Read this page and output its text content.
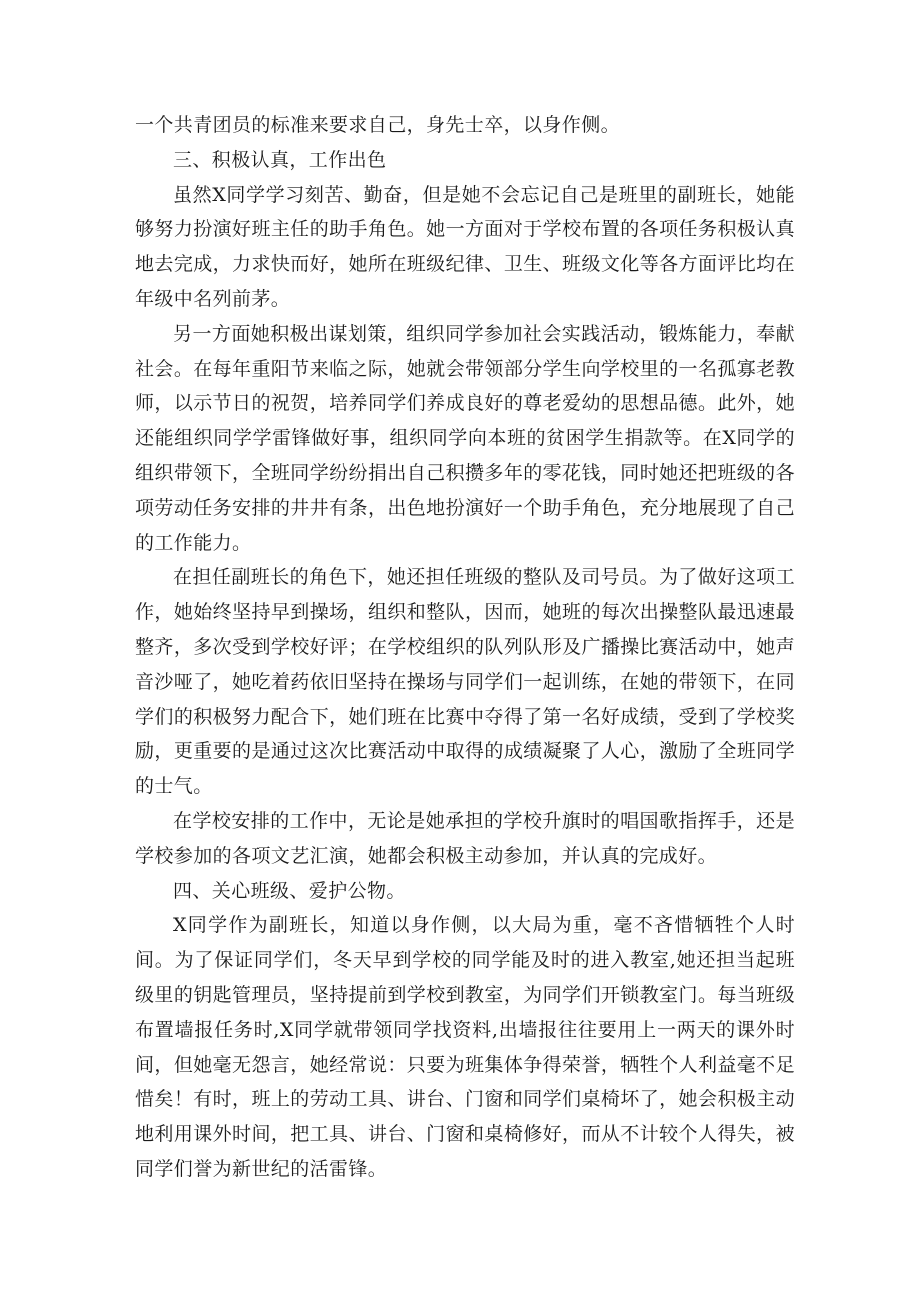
一个共青团员的标准来要求自己，身先士卒，以身作侧。

三、积极认真，工作出色

虽然X同学学习刻苦、勤奋，但是她不会忘记自己是班里的副班长，她能够努力扮演好班主任的助手角色。她一方面对于学校布置的各项任务积极认真地去完成，力求快而好，她所在班级纪律、卫生、班级文化等各方面评比均在年级中名列前茅。

另一方面她积极出谋划策，组织同学参加社会实践活动，锻炼能力，奉献社会。在每年重阳节来临之际，她就会带领部分学生向学校里的一名孤寡老教师，以示节日的祝贺，培养同学们养成良好的尊老爱幼的思想品德。此外，她还能组织同学学雷锋做好事，组织同学向本班的贫困学生捐款等。在X同学的组织带领下，全班同学纷纷捐出自己积攒多年的零花钱，同时她还把班级的各项劳动任务安排的井井有条，出色地扮演好一个助手角色，充分地展现了自己的工作能力。

在担任副班长的角色下，她还担任班级的整队及司号员。为了做好这项工作，她始终坚持早到操场，组织和整队，因而，她班的每次出操整队最迅速最整齐，多次受到学校好评；在学校组织的队列队形及广播操比赛活动中，她声音沙哑了，她吃着药依旧坚持在操场与同学们一起训练，在她的带领下，在同学们的积极努力配合下，她们班在比赛中夺得了第一名好成绩，受到了学校奖励，更重要的是通过这次比赛活动中取得的成绩凝聚了人心，激励了全班同学的士气。

在学校安排的工作中，无论是她承担的学校升旗时的唱国歌指挥手，还是学校参加的各项文艺汇演，她都会积极主动参加，并认真的完成好。

四、关心班级、爱护公物。

X同学作为副班长，知道以身作侧，以大局为重，毫不吝惜牺牲个人时间。为了保证同学们，冬天早到学校的同学能及时的进入教室,她还担当起班级里的钥匙管理员，坚持提前到学校到教室，为同学们开锁教室门。每当班级布置墙报任务时,X同学就带领同学找资料,出墙报往往要用上一两天的课外时间，但她毫无怨言，她经常说：只要为班集体争得荣誉，牺牲个人利益毫不足惜矣！有时，班上的劳动工具、讲台、门窗和同学们桌椅坏了，她会积极主动地利用课外时间，把工具、讲台、门窗和桌椅修好，而从不计较个人得失，被同学们誉为新世纪的活雷锋。
